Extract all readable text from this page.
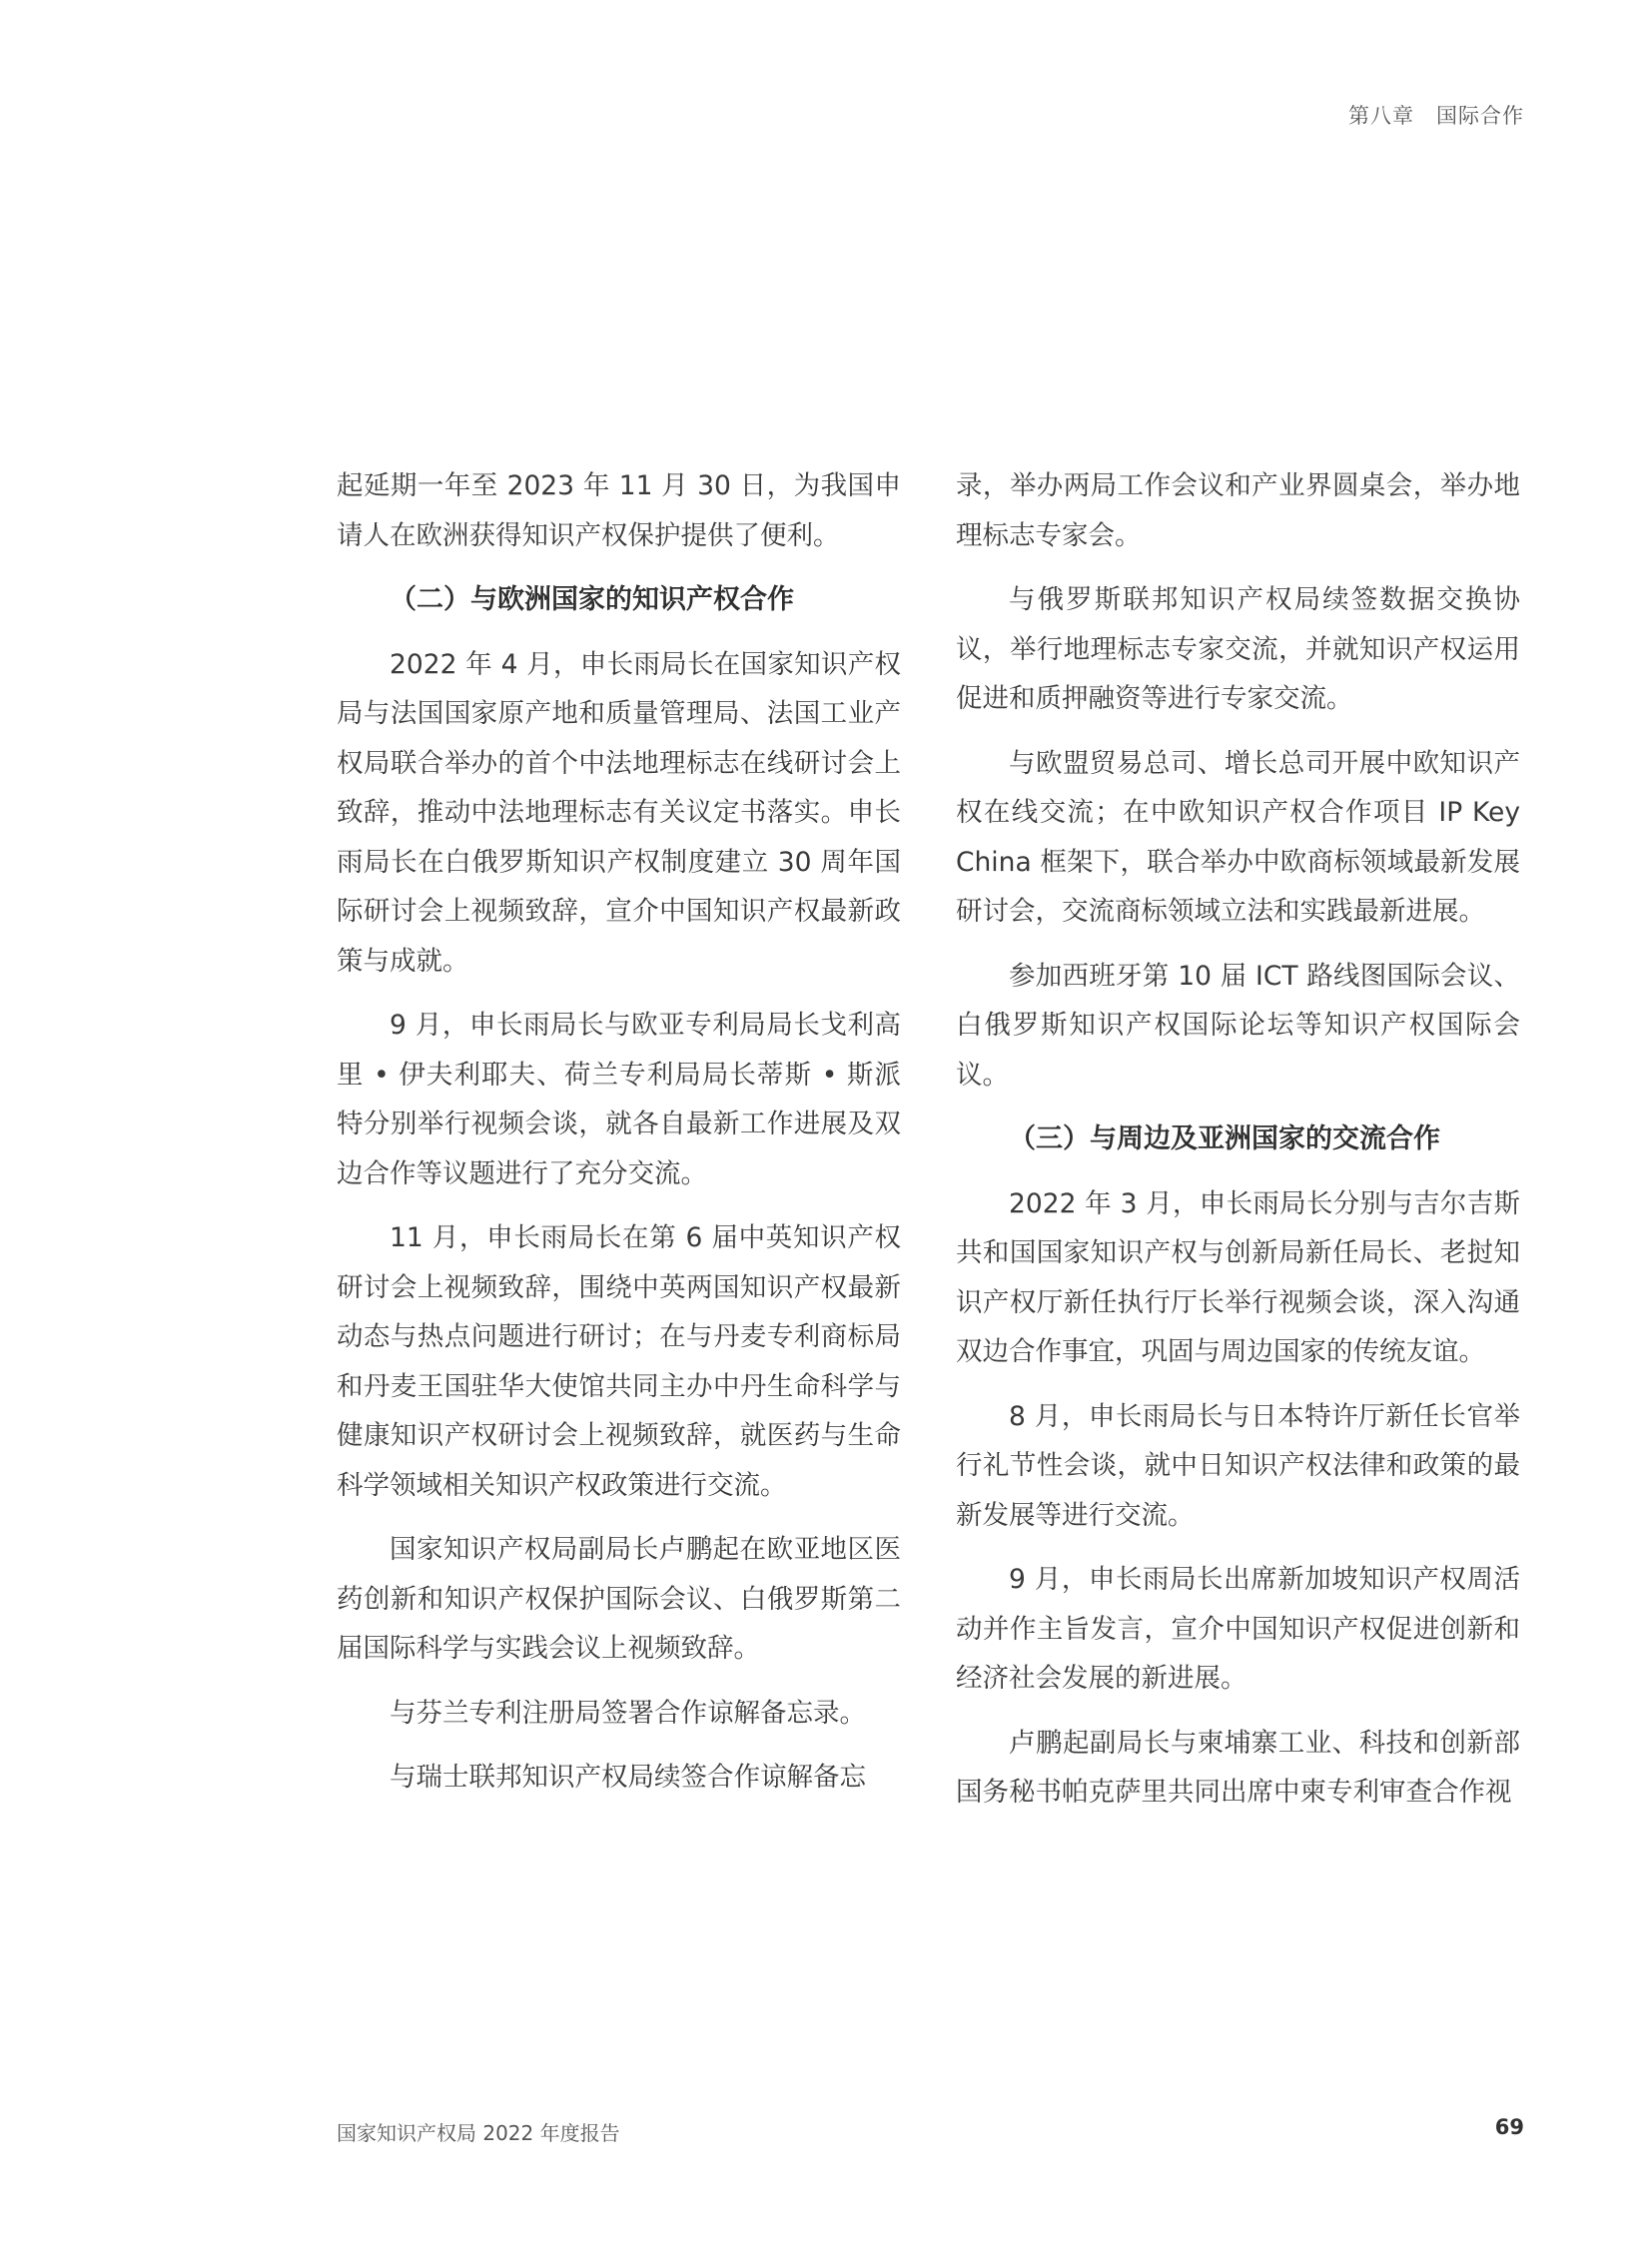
第八章　国际合作

起延期一年至 2023 年 11 月 30 日，为我国申请人在欧洲获得知识产权保护提供了便利。

（二）与欧洲国家的知识产权合作

2022 年 4 月，申长雨局长在国家知识产权局与法国国家原产地和质量管理局、法国工业产权局联合举办的首个中法地理标志在线研讨会上致辞，推动中法地理标志有关议定书落实。申长雨局长在白俄罗斯知识产权制度建立 30 周年国际研讨会上视频致辞，宣介中国知识产权最新政策与成就。

9 月，申长雨局长与欧亚专利局局长戈利高里 • 伊夫利耶夫、荷兰专利局局长蒂斯 • 斯派特分别举行视频会谈，就各自最新工作进展及双边合作等议题进行了充分交流。

11 月，申长雨局长在第 6 届中英知识产权研讨会上视频致辞，围绕中英两国知识产权最新动态与热点问题进行研讨；在与丹麦专利商标局和丹麦王国驻华大使馆共同主办中丹生命科学与健康知识产权研讨会上视频致辞，就医药与生命科学领域相关知识产权政策进行交流。

国家知识产权局副局长卢鹏起在欧亚地区医药创新和知识产权保护国际会议、白俄罗斯第二届国际科学与实践会议上视频致辞。

与芬兰专利注册局签署合作谅解备忘录。

与瑞士联邦知识产权局续签合作谅解备忘

录，举办两局工作会议和产业界圆桌会，举办地理标志专家会。

与俄罗斯联邦知识产权局续签数据交换协议，举行地理标志专家交流，并就知识产权运用促进和质押融资等进行专家交流。

与欧盟贸易总司、增长总司开展中欧知识产权在线交流；在中欧知识产权合作项目 IP Key China 框架下，联合举办中欧商标领域最新发展研讨会，交流商标领域立法和实践最新进展。

参加西班牙第 10 届 ICT 路线图国际会议、白俄罗斯知识产权国际论坛等知识产权国际会议。

（三）与周边及亚洲国家的交流合作

2022 年 3 月，申长雨局长分别与吉尔吉斯共和国国家知识产权与创新局新任局长、老挝知识产权厅新任执行厅长举行视频会谈，深入沟通双边合作事宜，巩固与周边国家的传统友谊。

8 月，申长雨局长与日本特许厅新任长官举行礼节性会谈，就中日知识产权法律和政策的最新发展等进行交流。

9 月，申长雨局长出席新加坡知识产权周活动并作主旨发言，宣介中国知识产权促进创新和经济社会发展的新进展。

卢鹏起副局长与柬埔寨工业、科技和创新部国务秘书帕克萨里共同出席中柬专利审查合作视

国家知识产权局 2022 年度报告	69
